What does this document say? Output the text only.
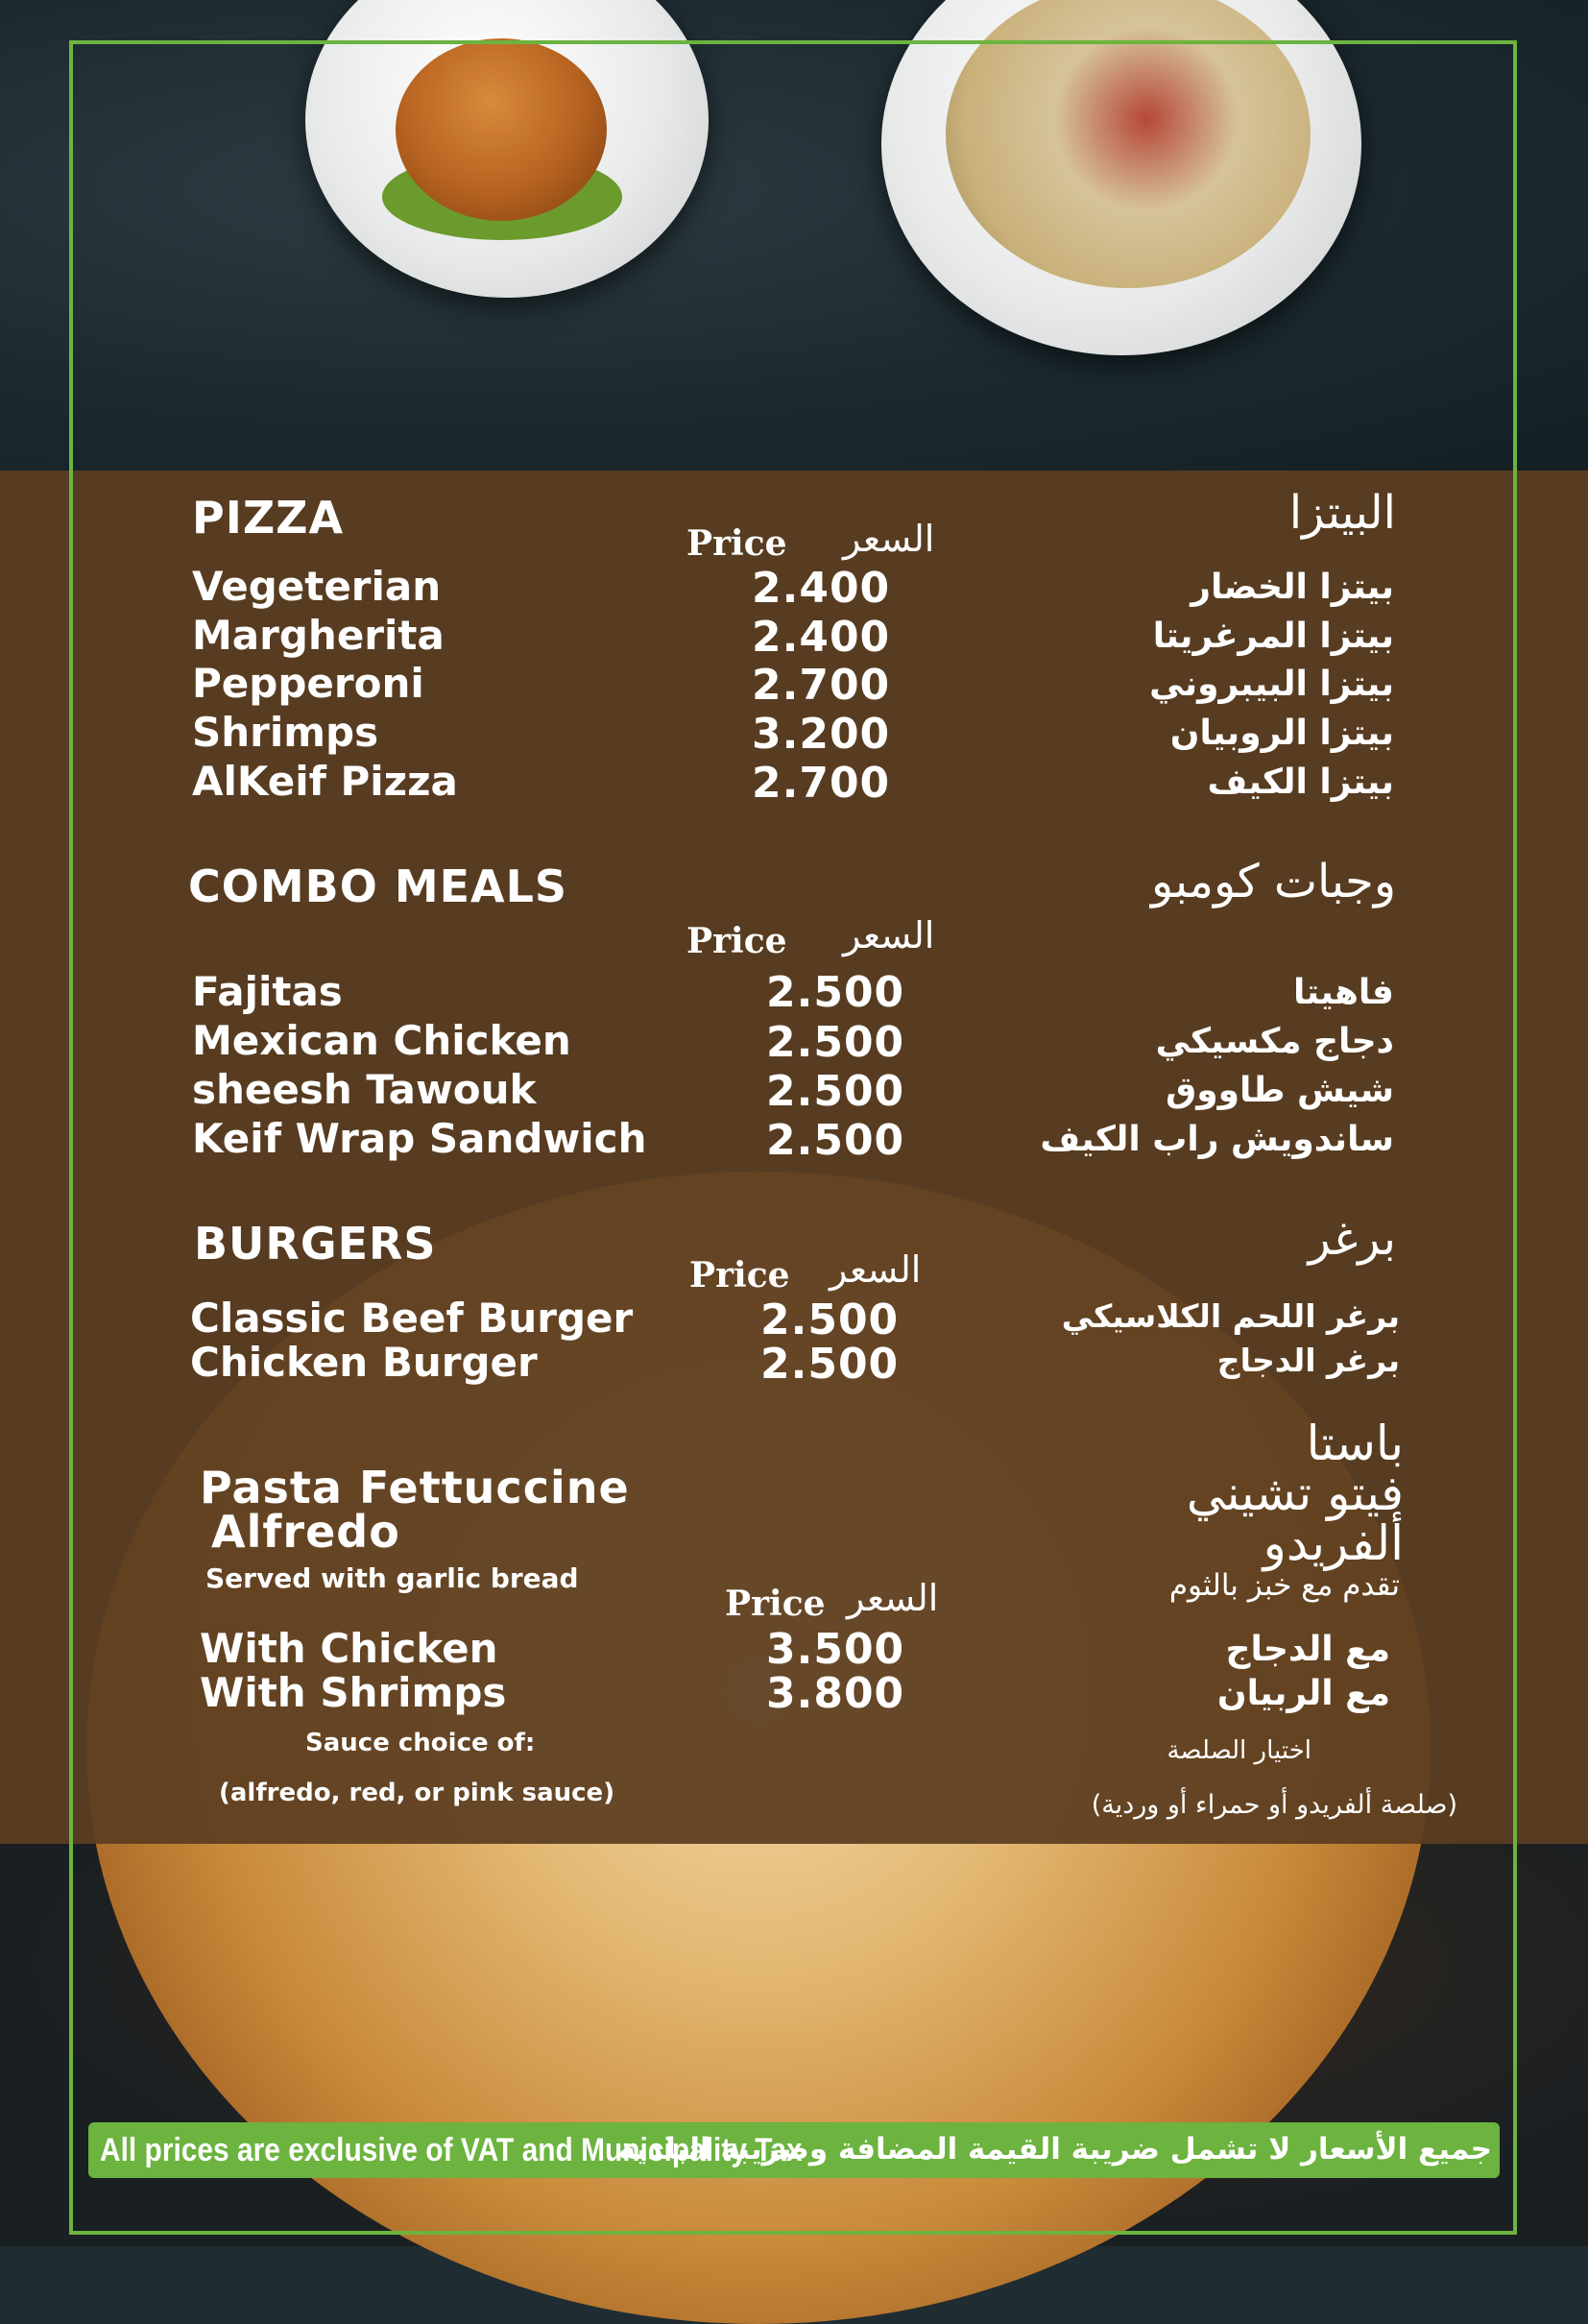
PIZZA	البيتزا
Price السعر
Vegeterian	2.400	بيتزا الخضار
Margherita	2.400	بيتزا المرغريتا
Pepperoni	2.700	بيتزا البيبروني
Shrimps	3.200	بيتزا الروبيان
AlKeif Pizza	2.700	بيتزا الكيف
COMBO MEALS	وجبات كومبو
Price السعر
Fajitas	2.500	فاهيتا
Mexican Chicken	2.500	دجاج مكسيكي
sheesh Tawouk	2.500	شيش طاووق
Keif Wrap Sandwich	2.500	ساندويش راب الكيف
BURGERS	برغر
Price السعر
Classic Beef Burger	2.500	برغر اللحم الكلاسيكي
Chicken Burger	2.500	برغر الدجاج
Pasta Fettuccine
Alfredo
Served with garlic bread
باستا
فيتو تشيني
ألفريدو
تقدم مع خبز بالثوم
Price السعر
With Chicken	3.500	مع الدجاج
With Shrimps	3.800	مع الربيان
Sauce choice of:
(alfredo, red, or pink sauce)
اختيار الصلصة
(صلصة ألفريدو أو حمراء أو وردية)
All prices are exclusive of VAT and Municipality Tax
جميع الأسعار لا تشمل ضريبة القيمة المضافة وضريبة البلدية
